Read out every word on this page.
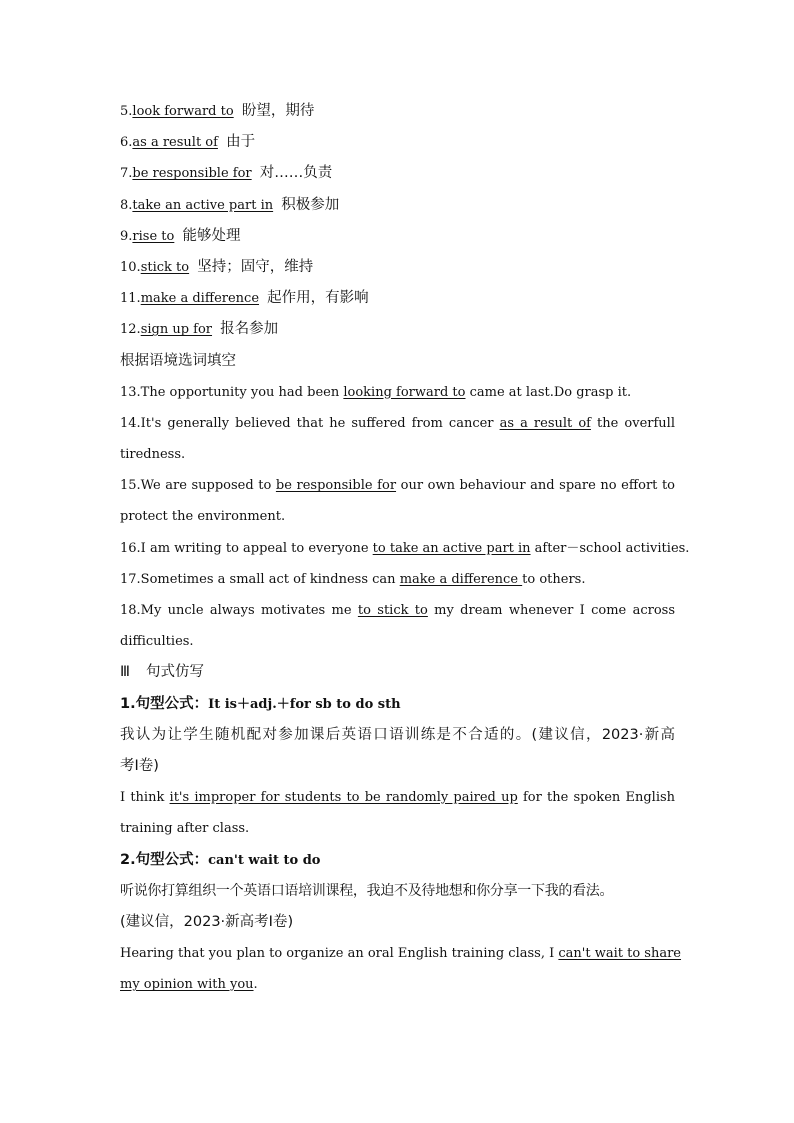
5.look forward to 盼望，期待
6.as a result of 由于
7.be responsible for 对……负责
8.take an active part in 积极参加
9.rise to 能够处理
10.stick to 坚持；固守，维持
11.make a difference 起作用，有影响
12.sign up for 报名参加
根据语境选词填空
13.The opportunity you had been looking forward to came at last.Do grasp it.
14.It's generally believed that he suffered from cancer as a result of the overfull
tiredness.
15.We are supposed to be responsible for our own behaviour and spare no effort to
protect the environment.
16.I am writing to appeal to everyone to take an active part in after－school activities.
17.Sometimes a small act of kindness can make a difference to others.
18.My uncle always motivates me to stick to my dream whenever I come across
difficulties.
Ⅲ 句式仿写
1.句型公式：It is＋adj.＋for sb to do sth
我认为让学生随机配对参加课后英语口语训练是不合适的。(建议信，2023·新高
考Ⅰ卷)
I think it's improper for students to be randomly paired up for the spoken English
training after class.
2.句型公式：can't wait to do
听说你打算组织一个英语口语培训课程，我迫不及待地想和你分享一下我的看法。
(建议信，2023·新高考Ⅰ卷)
Hearing that you plan to organize an oral English training class, I can't wait to share
my opinion with you.
